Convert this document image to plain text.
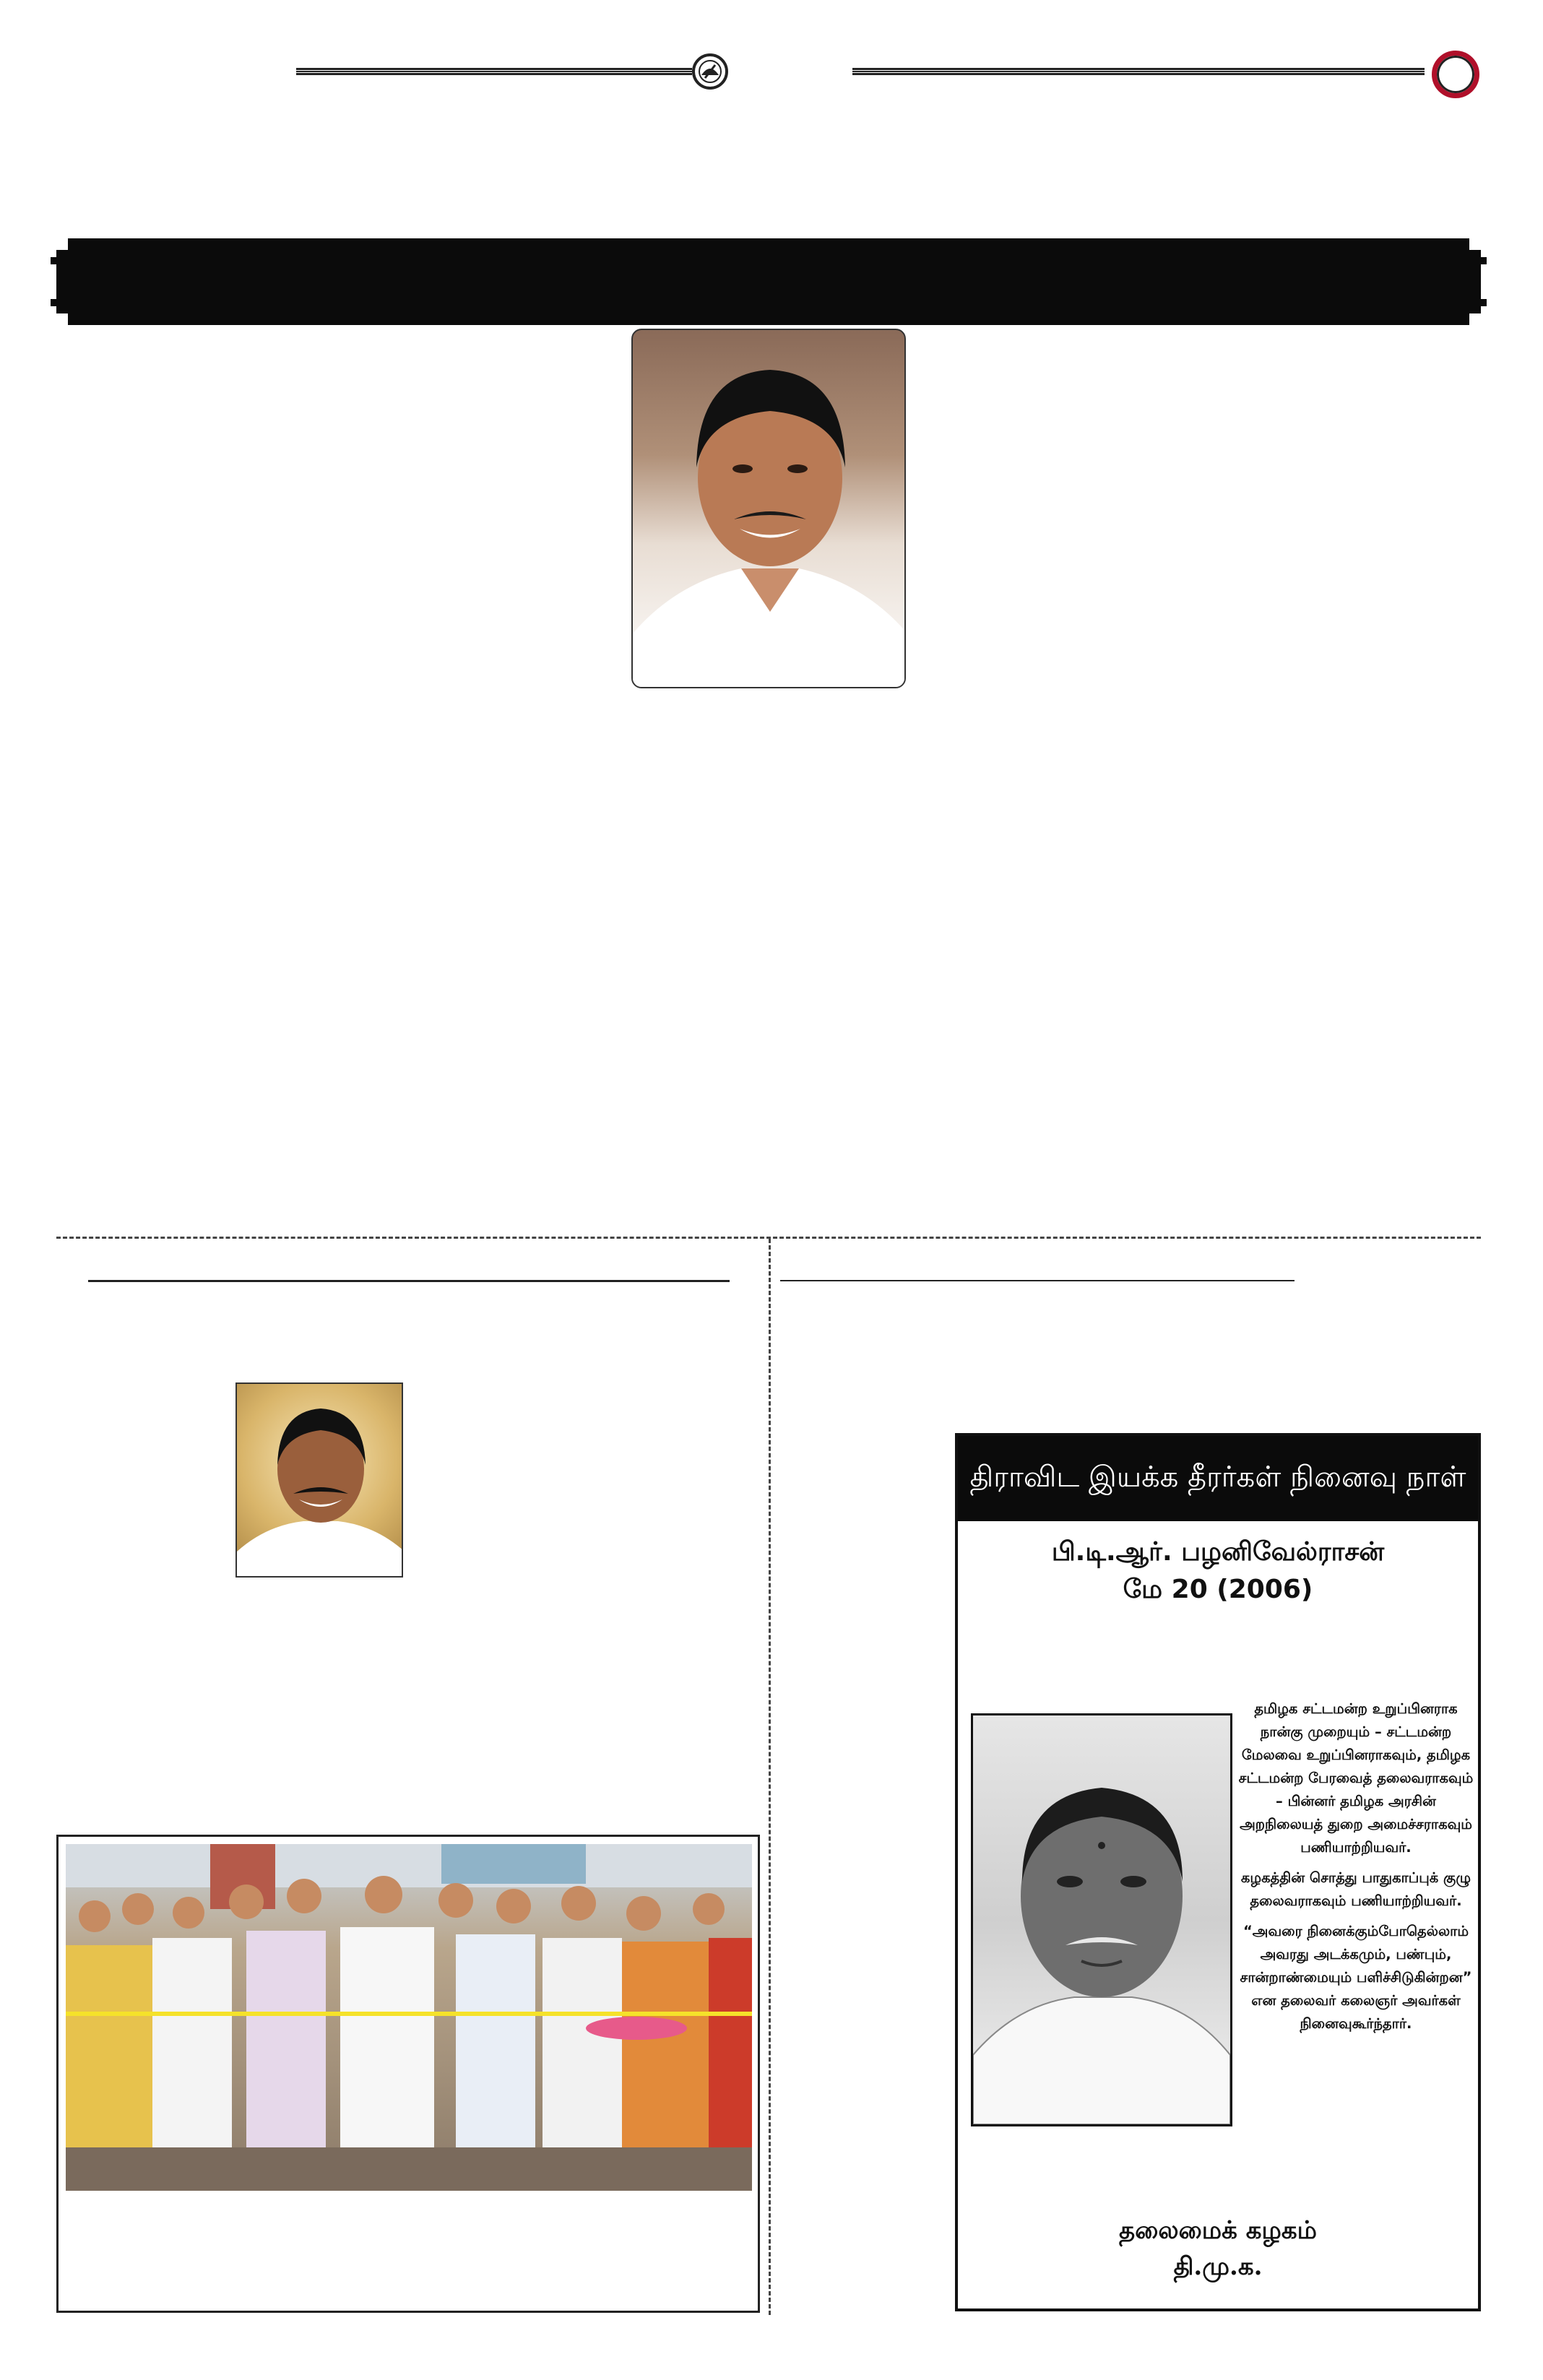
திராவிட இயக்க தீரர்கள் நினைவு நாள்
பி.டி.ஆர். பழனிவேல்ராசன்
மே 20 (2006)

தமிழக சட்டமன்ற உறுப்பினராக நான்கு முறையும் – சட்டமன்ற மேலவை உறுப்பினராகவும், தமிழக சட்டமன்ற பேரவைத் தலைவராகவும் – பின்னர் தமிழக அரசின் அறநிலையத் துறை அமைச்சராகவும் பணியாற்றியவர்.

கழகத்தின் சொத்து பாதுகாப்புக் குழு தலைவராகவும் பணியாற்றியவர்.

“அவரை நினைக்கும்போதெல்லாம் அவரது அடக்கமும், பண்பும், சான்றாண்மையும் பளிச்சிடுகின்றன” என தலைவர் கலைஞர் அவர்கள் நினைவுகூர்ந்தார்.

தலைமைக் கழகம்
தி.மு.க.
